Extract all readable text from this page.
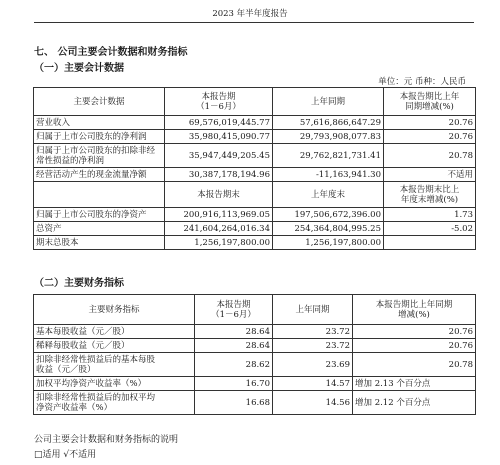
2023 年半年度报告
七、 公司主要会计数据和财务指标
（一）主要会计数据
单位：元 币种：人民币
主要会计数据	本报告期
（1－6月）	上年同期	本报告期比上年
同期增减(%)
营业收入	69,576,019,445.77	57,616,866,647.29	20.76
归属于上市公司股东的净利润	35,980,415,090.77	29,793,908,077.83	20.76
归属于上市公司股东的扣除非经
常性损益的净利润	35,947,449,205.45	29,762,821,731.41	20.78
经营活动产生的现金流量净额	30,387,178,194.96	-11,163,941.30	不适用
	本报告期末	上年度末	本报告期末比上
年度末增减(%)
归属于上市公司股东的净资产	200,916,113,969.05	197,506,672,396.00	1.73
总资产	241,604,264,016.34	254,364,804,995.25	-5.02
期末总股本	1,256,197,800.00	1,256,197,800.00	
（二）主要财务指标
主要财务指标	本报告期
（1－6月）	上年同期	本报告期比上年同期
增减(%)
基本每股收益（元／股）	28.64	23.72	20.76
稀释每股收益（元／股）	28.64	23.72	20.76
扣除非经常性损益后的基本每股
收益（元／股）	28.62	23.69	20.78
加权平均净资产收益率（%）	16.70	14.57	增加 2.13 个百分点
扣除非经常性损益后的加权平均
净资产收益率（%）	16.68	14.56	增加 2.12 个百分点
公司主要会计数据和财务指标的说明
□适用 √不适用
